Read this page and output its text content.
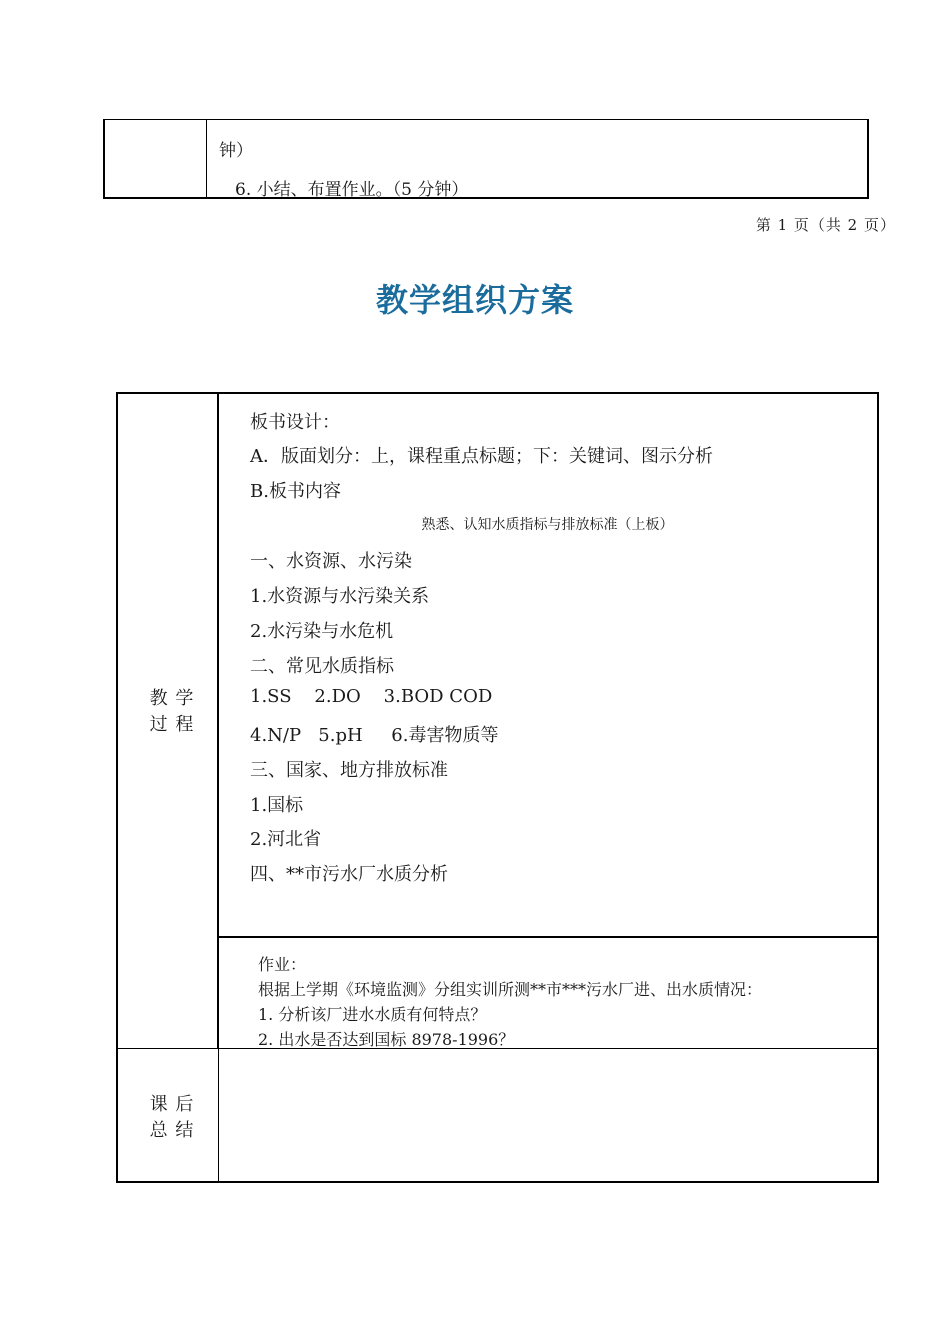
钟）
6. 小结、布置作业。（5 分钟）
第 1 页（共 2 页）
教学组织方案
教 学
过 程
课 后
总 结
板书设计：
A．版面划分：上，课程重点标题；下：关键词、图示分析
B.板书内容
熟悉、认知水质指标与排放标准（上板）
一、水资源、水污染
1.水资源与水污染关系
2.水污染与水危机
二、常见水质指标
1.SS    2.DO    3.BOD COD
4.N/P   5.pH     6.毒害物质等
三、国家、地方排放标准
1.国标
2.河北省
四、**市污水厂水质分析
作业：
根据上学期《环境监测》分组实训所测**市***污水厂进、出水质情况：
1. 分析该厂进水水质有何特点？
2. 出水是否达到国标 8978-1996？
